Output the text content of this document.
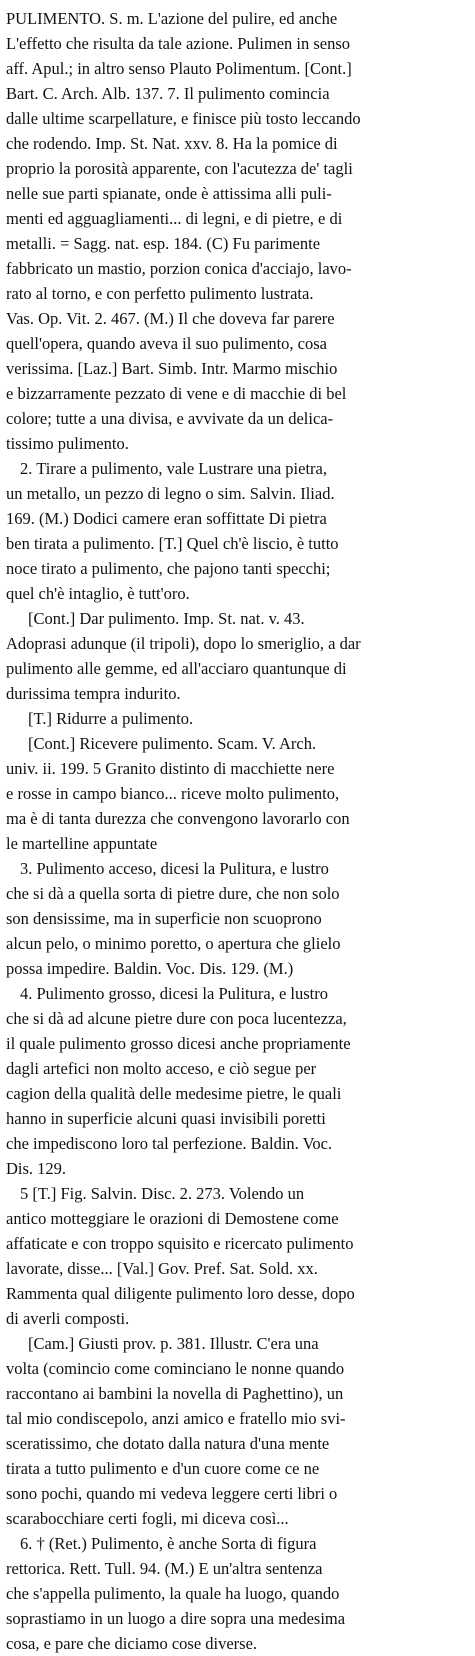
PULIMENTO. S. m. L'azione del pulire, ed anche
L'effetto che risulta da tale azione. Pulimen in senso
aff. Apul.; in altro senso Plauto Polimentum. [Cont.]
Bart. C. Arch. Alb. 137. 7. Il pulimento comincia
dalle ultime scarpellature, e finisce più tosto leccando
che rodendo. Imp. St. Nat. xxv. 8. Ha la pomice di
proprio la porosità apparente, con l'acutezza de' tagli
nelle sue parti spianate, onde è attissima alli puli-
menti ed agguagliamenti... di legni, e di pietre, e di
metalli. = Sagg. nat. esp. 184. (C) Fu parimente
fabbricato un mastio, porzion conica d'acciajo, lavo-
rato al torno, e con perfetto pulimento lustrata.
Vas. Op. Vit. 2. 467. (M.) Il che doveva far parere
quell'opera, quando aveva il suo pulimento, cosa
verissima. [Laz.] Bart. Simb. Intr. Marmo mischio
e bizzarramente pezzato di vene e di macchie di bel
colore; tutte a una divisa, e avvivate da un delica-
tissimo pulimento.
2. Tirare a pulimento, vale Lustrare una pietra,
un metallo, un pezzo di legno o sim. Salvin. Iliad.
169. (M.) Dodici camere eran soffittate Di pietra
ben tirata a pulimento. [T.] Quel ch'è liscio, è tutto
noce tirato a pulimento, che pajono tanti specchi;
quel ch'è intaglio, è tutt'oro.
[Cont.] Dar pulimento. Imp. St. nat. v. 43.
Adoprasi adunque (il tripoli), dopo lo smeriglio, a dar
pulimento alle gemme, ed all'acciaro quantunque di
durissima tempra indurito.
[T.] Ridurre a pulimento.
[Cont.] Ricevere pulimento. Scam. V. Arch.
univ. ii. 199. 5 Granito distinto di macchiette nere
e rosse in campo bianco... riceve molto pulimento,
ma è di tanta durezza che convengono lavorarlo con
le martelline appuntate
3. Pulimento acceso, dicesi la Pulitura, e lustro
che si dà a quella sorta di pietre dure, che non solo
son densissime, ma in superficie non scuoprono
alcun pelo, o minimo poretto, o apertura che glielo
possa impedire. Baldin. Voc. Dis. 129. (M.)
4. Pulimento grosso, dicesi la Pulitura, e lustro
che si dà ad alcune pietre dure con poca lucentezza,
il quale pulimento grosso dicesi anche propriamente
dagli artefici non molto acceso, e ciò segue per
cagion della qualità delle medesime pietre, le quali
hanno in superficie alcuni quasi invisibili poretti
che impediscono loro tal perfezione. Baldin. Voc.
Dis. 129.
5 [T.] Fig. Salvin. Disc. 2. 273. Volendo un
antico motteggiare le orazioni di Demostene come
affaticate e con troppo squisito e ricercato pulimento
lavorate, disse... [Val.] Gov. Pref. Sat. Sold. xx.
Rammenta qual diligente pulimento loro desse, dopo
di averli composti.
[Cam.] Giusti prov. p. 381. Illustr. C'era una
volta (comincio come cominciano le nonne quando
raccontano ai bambini la novella di Paghettino), un
tal mio condiscepolo, anzi amico e fratello mio svi-
sceratissimo, che dotato dalla natura d'una mente
tirata a tutto pulimento e d'un cuore come ce ne
sono pochi, quando mi vedeva leggere certi libri o
scarabocchiare certi fogli, mi diceva così...
6. † (Ret.) Pulimento, è anche Sorta di figura
rettorica. Rett. Tull. 94. (M.) E un'altra sentenza
che s'appella pulimento, la quale ha luogo, quando
soprastiamo in un luogo a dire sopra una medesima
cosa, e pare che diciamo cose diverse.
